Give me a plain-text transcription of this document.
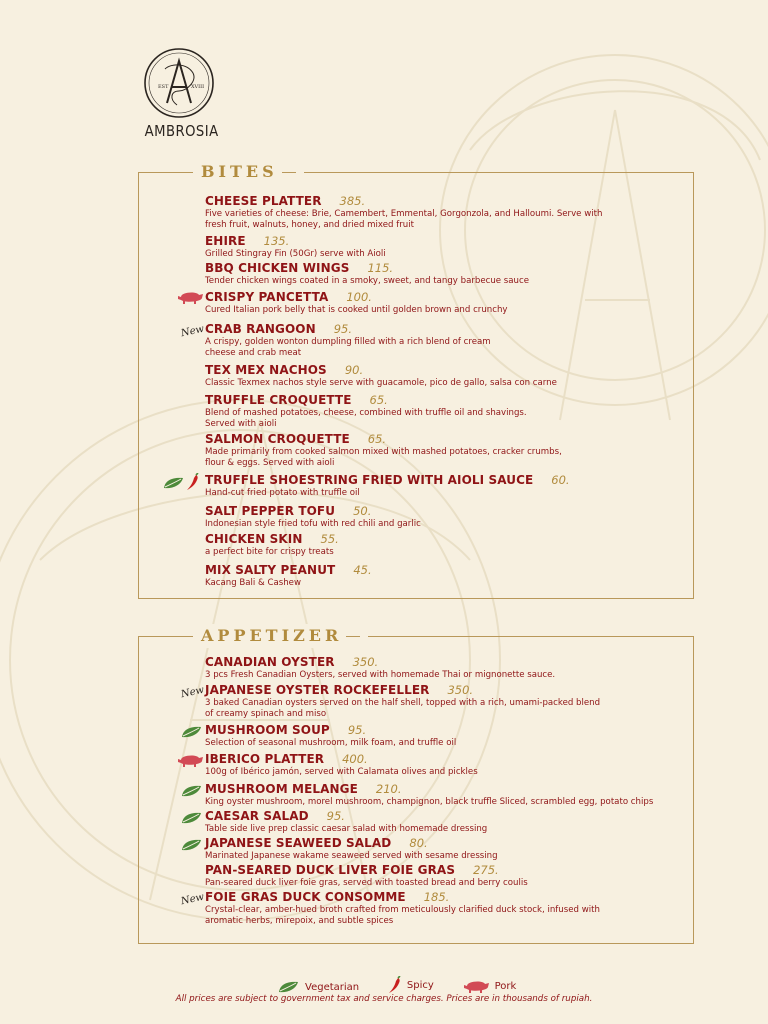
EST	XVIII
AMBROSIA
BITES
CHEESE PLATTER 385.
Five varieties of cheese: Brie, Camembert, Emmental, Gorgonzola, and Halloumi. Serve with
fresh fruit, walnuts, honey, and dried mixed fruit
EHIRE 135.
Grilled Stingray Fin (50Gr) serve with Aioli
BBQ CHICKEN WINGS 115.
Tender chicken wings coated in a smoky, sweet, and tangy barbecue sauce
CRISPY PANCETTA 100.
Cured Italian pork belly that is cooked until golden brown and crunchy
New CRAB RANGOON 95.
A crispy, golden wonton dumpling filled with a rich blend of cream
cheese and crab meat
TEX MEX NACHOS 90.
Classic Texmex nachos style serve with guacamole, pico de gallo, salsa con carne
TRUFFLE CROQUETTE 65.
Blend of mashed potatoes, cheese, combined with truffle oil and shavings.
Served with aioli
SALMON CROQUETTE 65.
Made primarily from cooked salmon mixed with mashed potatoes, cracker crumbs,
flour & eggs. Served with aioli
TRUFFLE SHOESTRING FRIED WITH AIOLI SAUCE 60.
Hand-cut fried potato with truffle oil
SALT PEPPER TOFU 50.
Indonesian style fried tofu with red chili and garlic
CHICKEN SKIN 55.
a perfect bite for crispy treats
MIX SALTY PEANUT 45.
Kacang Bali & Cashew
APPETIZER
CANADIAN OYSTER 350.
3 pcs Fresh Canadian Oysters, served with homemade Thai or mignonette sauce.
New JAPANESE OYSTER ROCKEFELLER 350.
3 baked Canadian oysters served on the half shell, topped with a rich, umami-packed blend
of creamy spinach and miso
MUSHROOM SOUP 95.
Selection of seasonal mushroom, milk foam, and truffle oil
IBERICO PLATTER 400.
100g of Ibérico jamón, served with Calamata olives and pickles
MUSHROOM MELANGE 210.
King oyster mushroom, morel mushroom, champignon, black truffle Sliced, scrambled egg, potato chips
CAESAR SALAD 95.
Table side live prep classic caesar salad with homemade dressing
JAPANESE SEAWEED SALAD 80.
Marinated Japanese wakame seaweed served with sesame dressing
PAN-SEARED DUCK LIVER FOIE GRAS 275.
Pan-seared duck liver foie gras, served with toasted bread and berry coulis
New FOIE GRAS DUCK CONSOMME 185.
Crystal-clear, amber-hued broth crafted from meticulously clarified duck stock, infused with
aromatic herbs, mirepoix, and subtle spices
Vegetarian
	Spicy
	Pork
All prices are subject to government tax and service charges. Prices are in thousands of rupiah.
